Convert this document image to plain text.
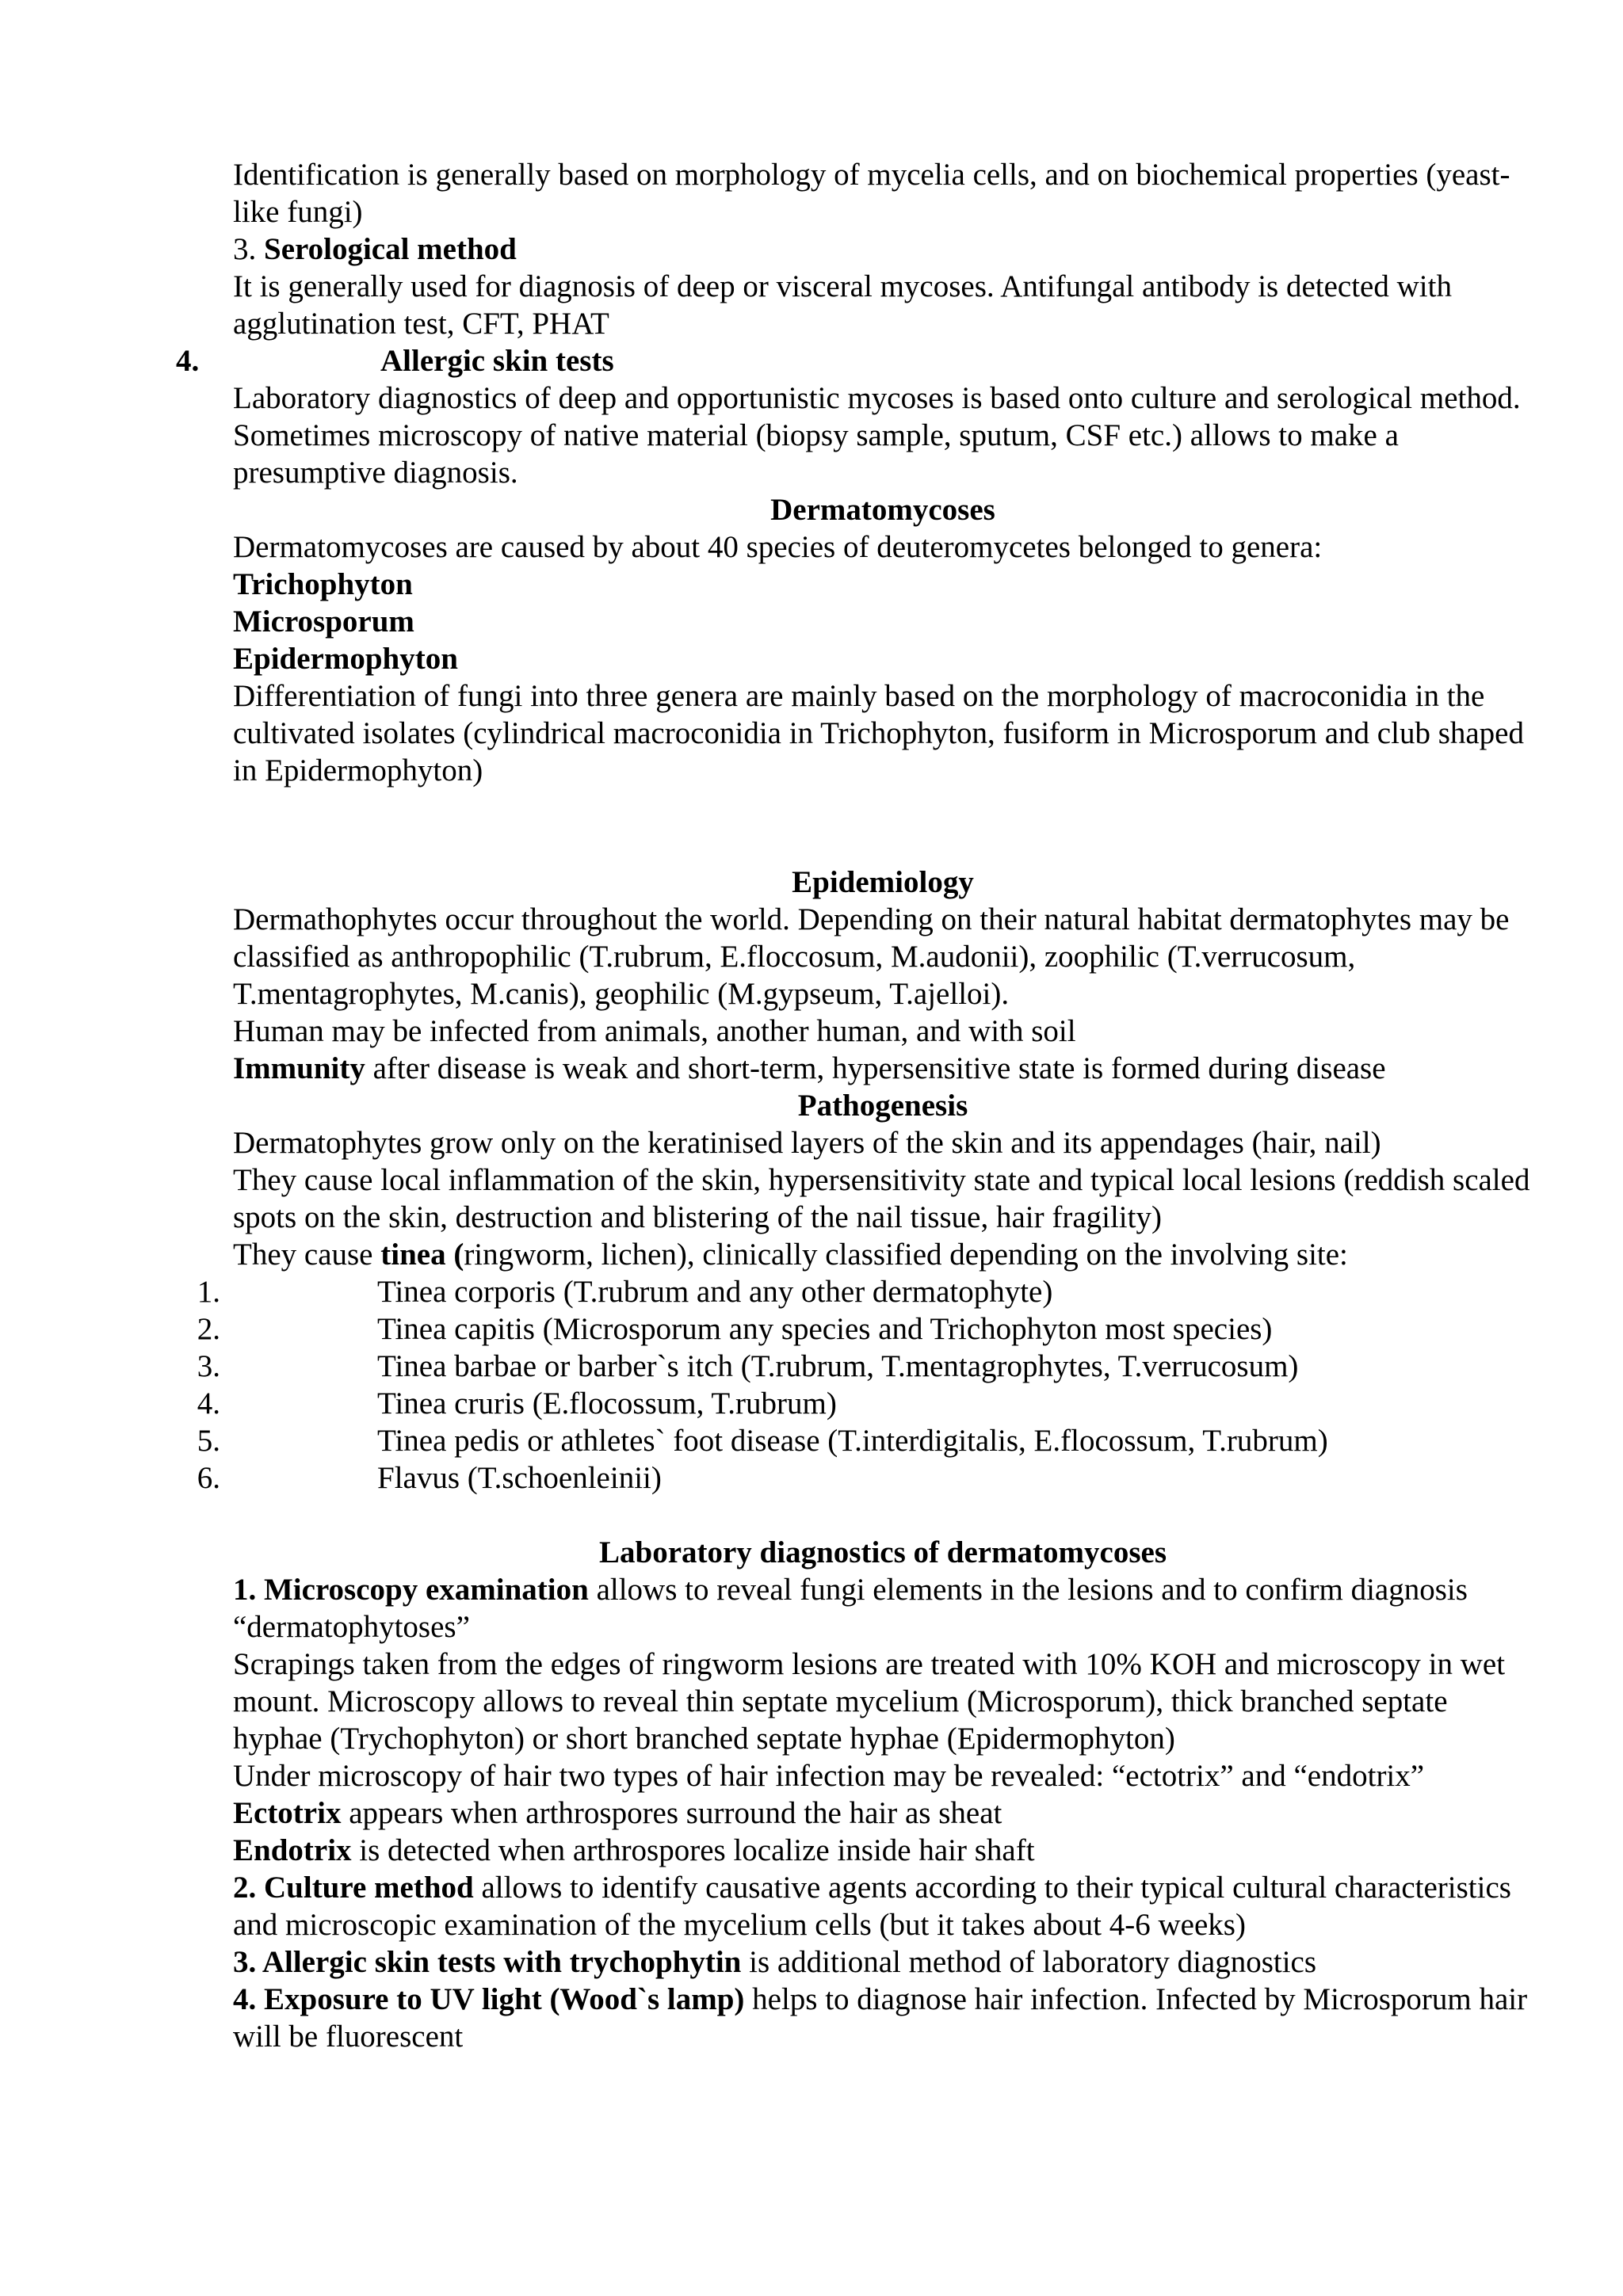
Identification is generally based on morphology of mycelia cells, and on biochemical properties (yeast-like fungi)

3. Serological method

It is generally used for diagnosis of deep or visceral mycoses. Antifungal antibody is detected with agglutination test, CFT, PHAT

4.	Allergic skin tests

Laboratory diagnostics of deep and opportunistic mycoses is based onto culture and serological method. Sometimes microscopy of native material (biopsy sample, sputum, CSF etc.) allows to make a presumptive diagnosis.

Dermatomycoses

Dermatomycoses are caused by about 40 species of deuteromycetes belonged to genera:

Trichophyton

Microsporum

Epidermophyton

Differentiation of fungi into three genera are mainly based on the morphology of macroconidia in the cultivated isolates (cylindrical macroconidia in Trichophyton, fusiform in Microsporum and club shaped in Epidermophyton)

Epidemiology

Dermathophytes occur throughout the world. Depending on their natural habitat dermatophytes may be classified as anthropophilic (T.rubrum, E.floccosum, M.audonii), zoophilic (T.verrucosum, T.mentagrophytes, M.canis), geophilic (M.gypseum, T.ajelloi).

Human may be infected from animals, another human, and with soil

Immunity after disease is weak and short-term, hypersensitive state is formed during disease

Pathogenesis

Dermatophytes grow only on the keratinised layers of the skin and its appendages (hair, nail)

They cause local inflammation of the skin, hypersensitivity state and typical local lesions (reddish scaled spots on the skin, destruction and blistering of the nail tissue, hair fragility)

They cause tinea (ringworm, lichen), clinically classified depending on the involving site:

1.	Tinea corporis (T.rubrum and any other dermatophyte)
2.	Tinea capitis (Microsporum any species and Trichophyton most species)
3.	Tinea barbae or barber`s itch (T.rubrum, T.mentagrophytes, T.verrucosum)
4.	Tinea cruris (E.flocossum, T.rubrum)
5.	Tinea pedis or athletes` foot disease (T.interdigitalis, E.flocossum, T.rubrum)
6.	Flavus (T.schoenleinii)

Laboratory diagnostics of dermatomycoses

1. Microscopy examination allows to reveal fungi elements in the lesions and to confirm diagnosis “dermatophytoses”

Scrapings taken from the edges of ringworm lesions are treated with 10% KOH and microscopy in wet mount. Microscopy allows to reveal thin septate mycelium (Microsporum), thick branched septate hyphae (Trychophyton) or short branched septate hyphae (Epidermophyton)

Under microscopy of hair two types of hair infection may be revealed: “ectotrix” and “endotrix”

Ectotrix appears when arthrospores surround the hair as sheat

Endotrix is detected when arthrospores localize inside hair shaft

2. Culture method allows to identify causative agents according to their typical cultural characteristics and microscopic examination of the mycelium cells (but it takes about 4-6 weeks)

3. Allergic skin tests with trychophytin is additional method of laboratory diagnostics

4. Exposure to UV light (Wood`s lamp) helps to diagnose hair infection. Infected by Microsporum hair will be fluorescent
